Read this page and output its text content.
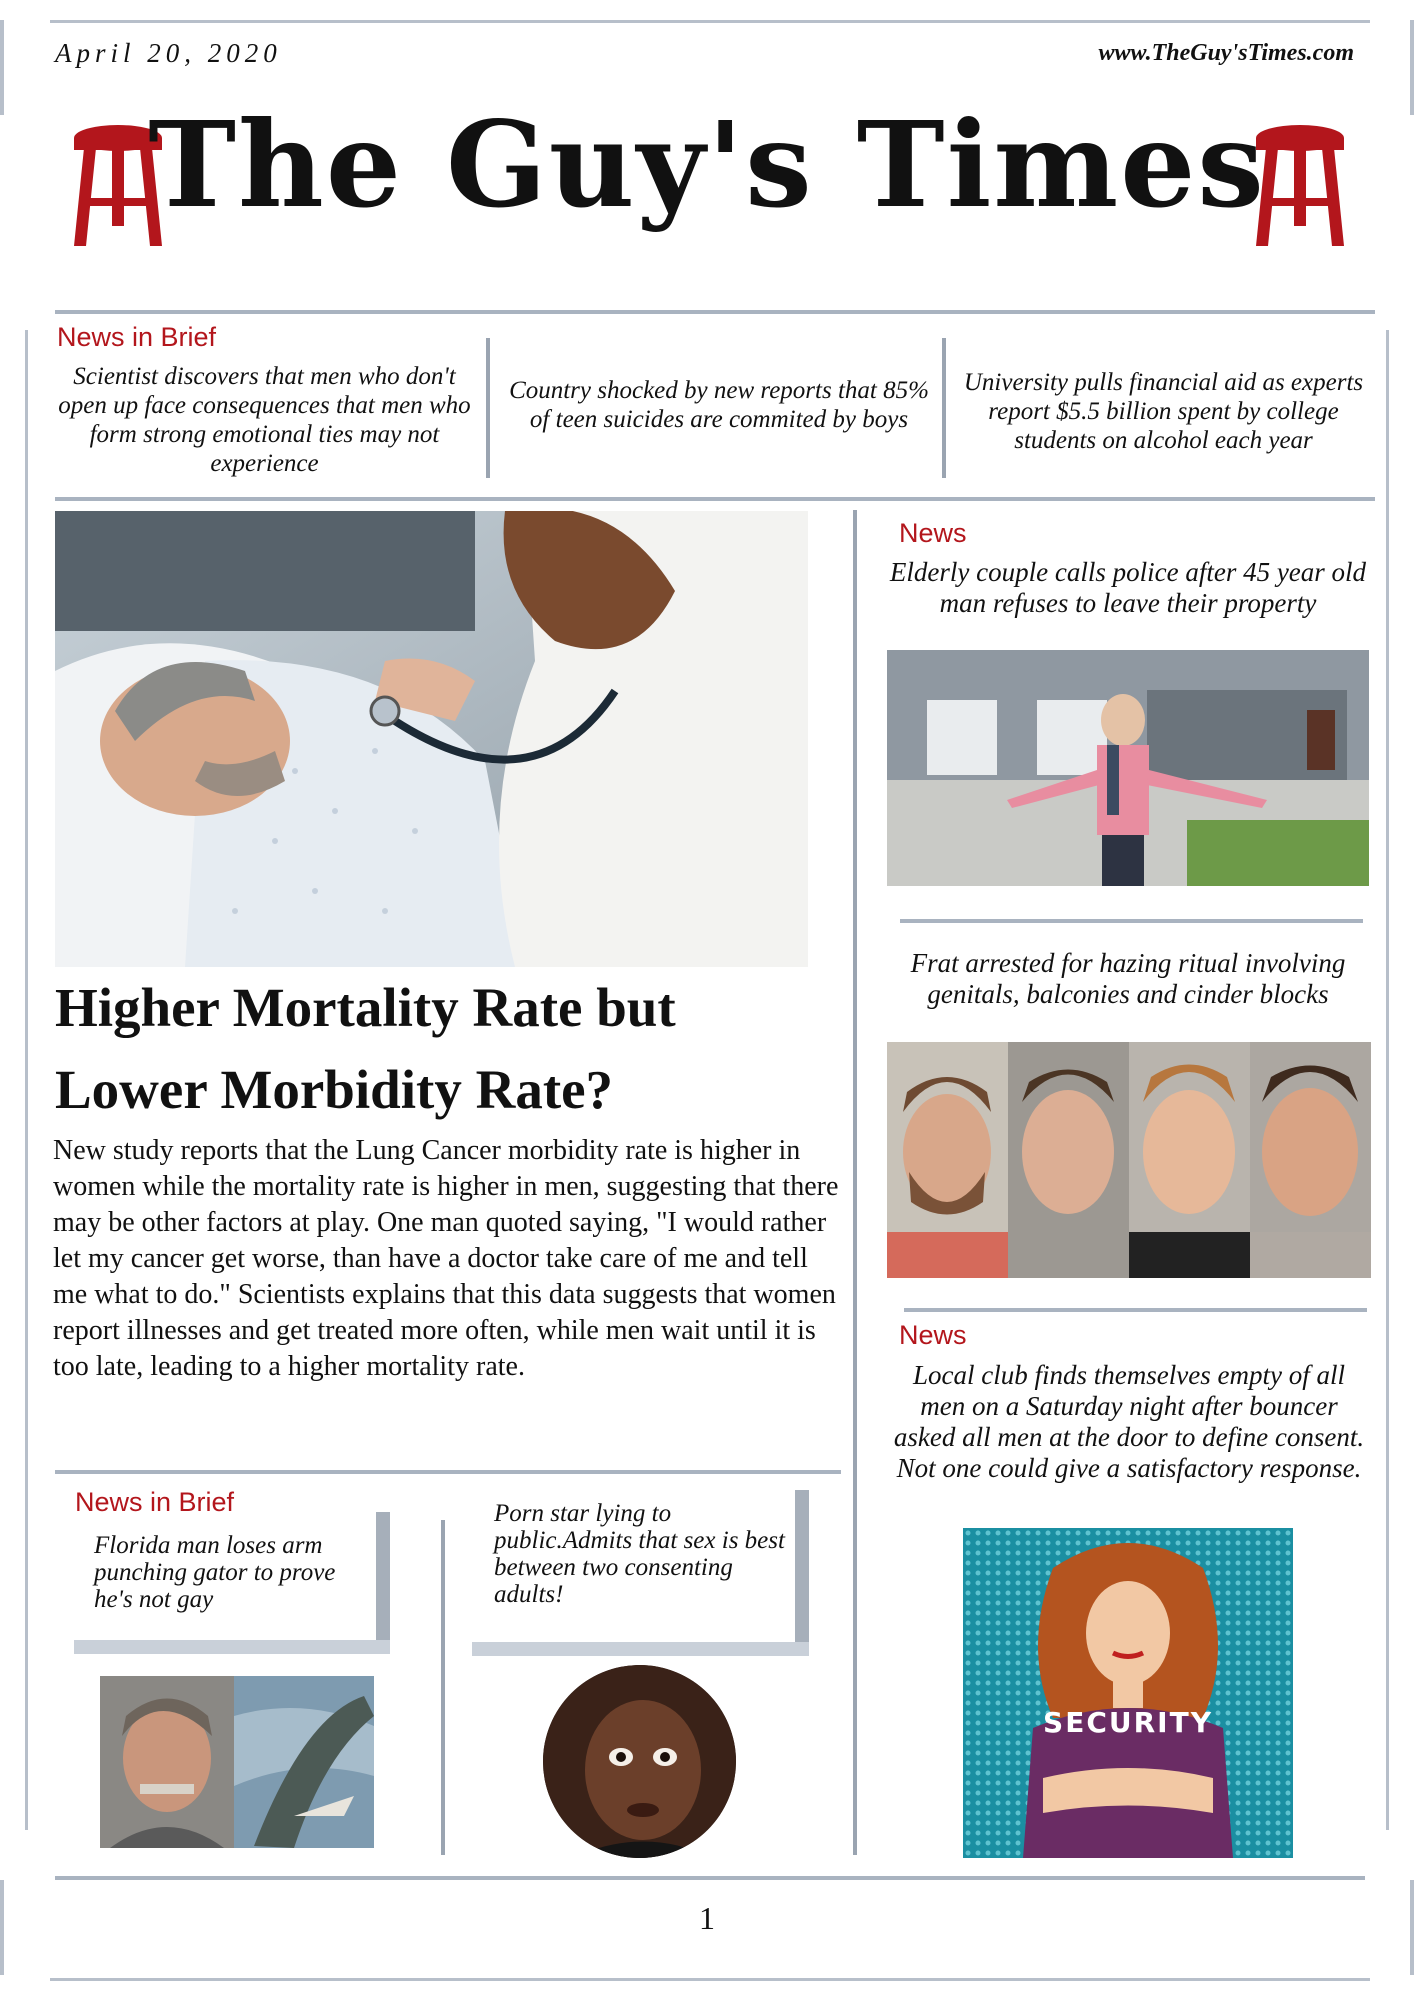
April 20, 2020	www.TheGuy'sTimes.com
The Guy's Times
News in Brief
Scientist discovers that men who don't open up face consequences that men who form strong emotional ties may not experience
Country shocked by new reports that 85% of teen suicides are commited by boys
University pulls financial aid as experts report $5.5 billion spent by college students on alcohol each year
Higher Mortality Rate but
Lower Morbidity Rate?
New study reports that the Lung Cancer morbidity rate is higher in women while the mortality rate is higher in men, suggesting that there may be other factors at play. One man quoted saying, "I would rather let my cancer get worse, than have a doctor take care of me and tell me what to do." Scientists explains that this data suggests that women report illnesses and get treated more often, while men wait until it is too late, leading to a higher mortality rate.
News in Brief
Florida man loses arm punching gator to prove he's not gay
Porn star lying to public.Admits that sex is best between two consenting adults!
News
Elderly couple calls police after 45 year old man refuses to leave their property
Frat arrested for hazing ritual involving genitals, balconies and cinder blocks
News
Local club finds themselves empty of all men on a Saturday night after bouncer asked all men at the door to define consent. Not one could give a satisfactory response.
SECURITY
1
